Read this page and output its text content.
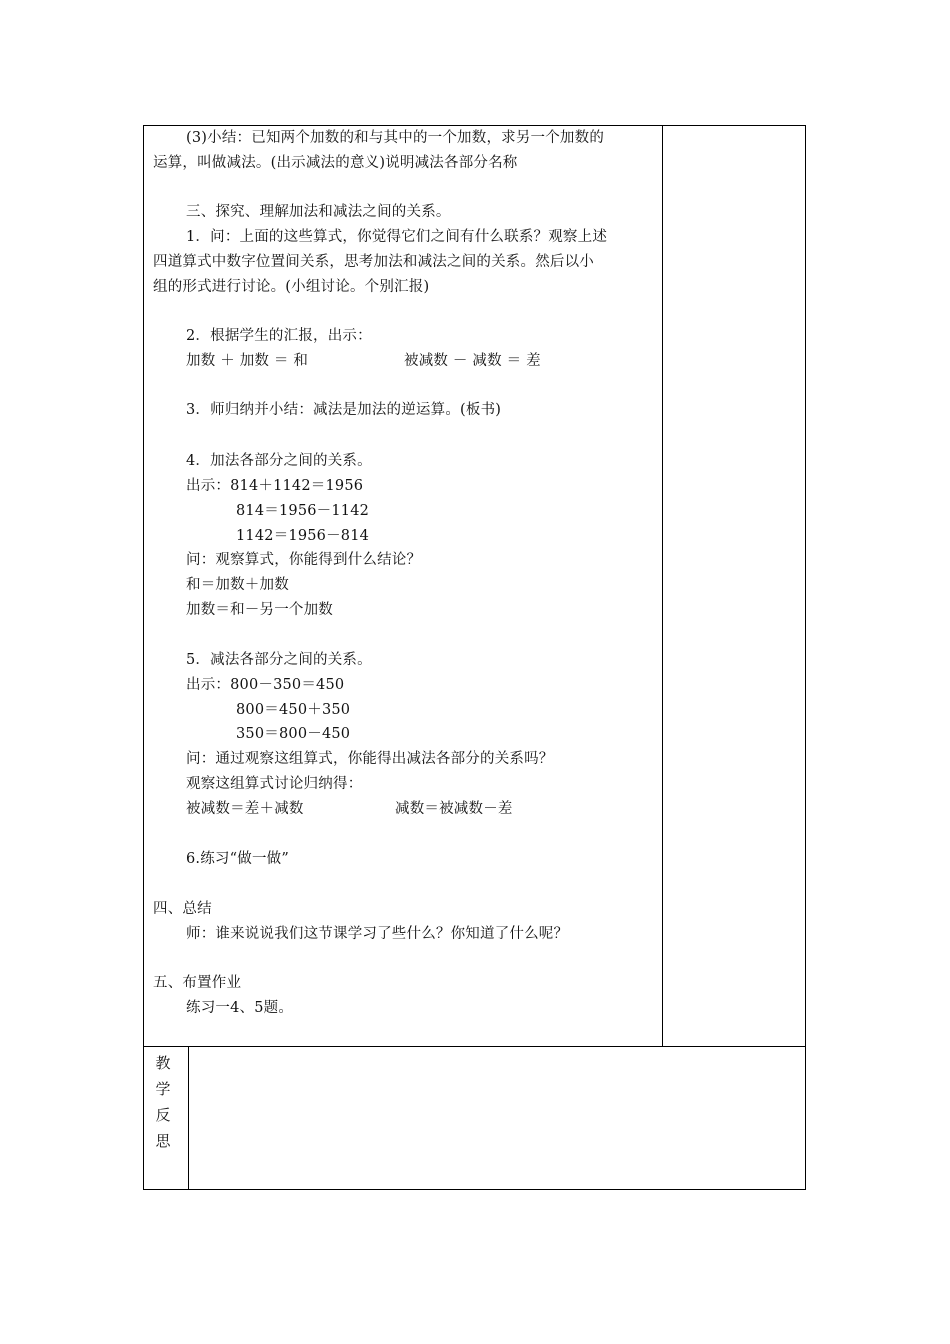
(3)小结：已知两个加数的和与其中的一个加数，求另一个加数的
运算，叫做减法。(出示减法的意义)说明减法各部分名称
三、探究、理解加法和减法之间的关系。
1．问：上面的这些算式，你觉得它们之间有什么联系？观察上述
四道算式中数字位置间关系，思考加法和减法之间的关系。然后以小
组的形式进行讨论。(小组讨论。个别汇报)
2．根据学生的汇报，出示：
加数 ＋ 加数 ＝ 和	被减数 － 减数 ＝ 差
3．师归纳并小结：减法是加法的逆运算。(板书)
4．加法各部分之间的关系。
出示：814＋1142＝1956
814＝1956－1142
1142＝1956－814
问：观察算式，你能得到什么结论？
和＝加数＋加数
加数＝和－另一个加数
5．减法各部分之间的关系。
出示：800－350＝450
800＝450＋350
350＝800－450
问：通过观察这组算式，你能得出减法各部分的关系吗？
观察这组算式讨论归纳得：
被减数＝差＋减数	减数＝被减数－差
6.练习“做一做”
四、总结
师：谁来说说我们这节课学习了些什么？你知道了什么呢？
五、布置作业
练习一4、5题。
教
学
反
思
